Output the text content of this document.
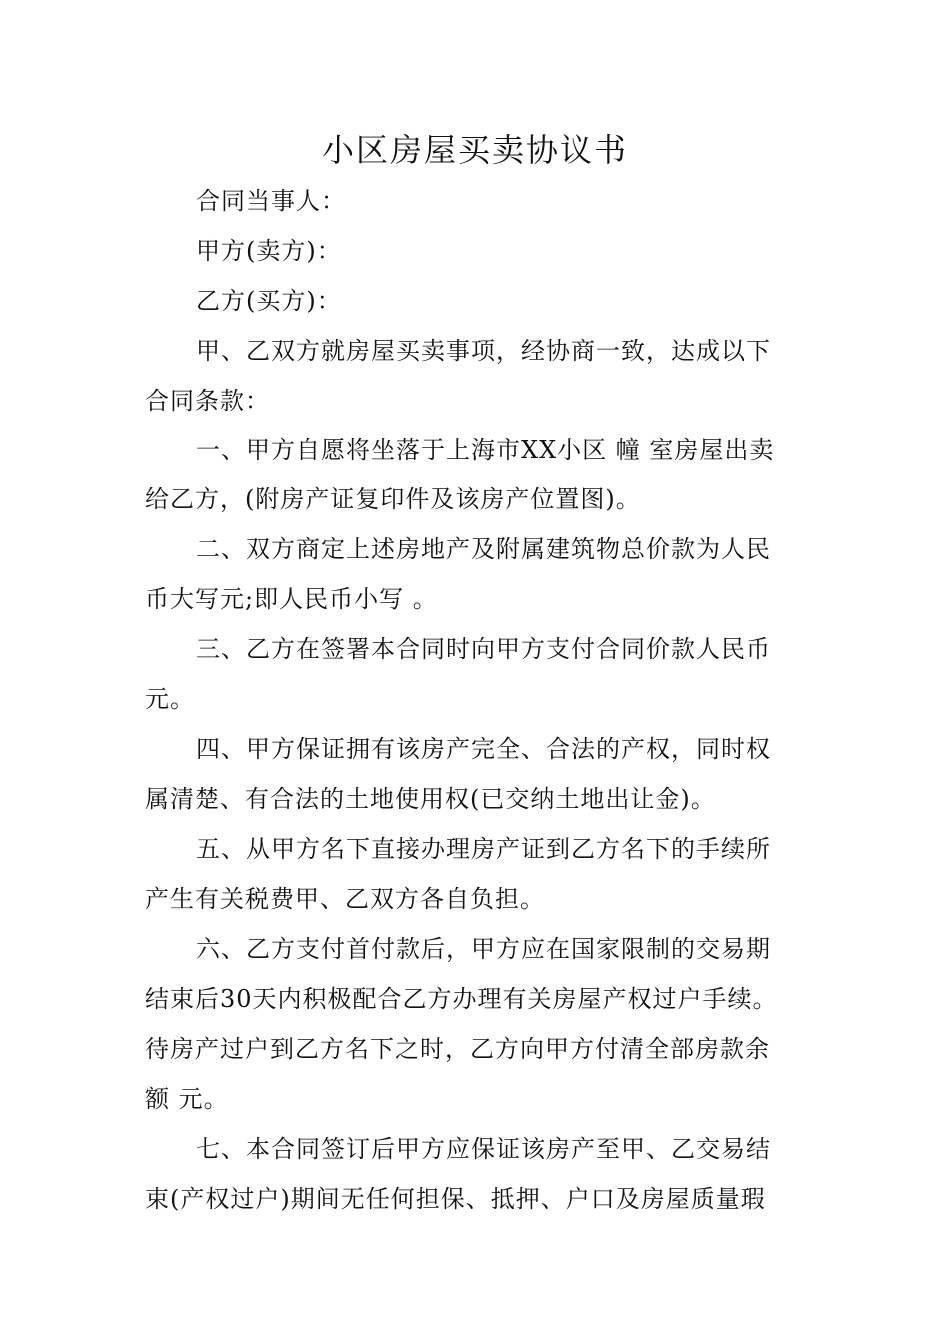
小区房屋买卖协议书
合同当事人：
甲方(卖方)：
乙方(买方)：
甲、乙双方就房屋买卖事项，经协商一致，达成以下
合同条款：
一、甲方自愿将坐落于上海市XX小区 幢 室房屋出卖
给乙方，(附房产证复印件及该房产位置图)。
二、双方商定上述房地产及附属建筑物总价款为人民
币大写元;即人民币小写 。
三、乙方在签署本合同时向甲方支付合同价款人民币
元。
四、甲方保证拥有该房产完全、合法的产权，同时权
属清楚、有合法的土地使用权(已交纳土地出让金)。
五、从甲方名下直接办理房产证到乙方名下的手续所
产生有关税费甲、乙双方各自负担。
六、乙方支付首付款后，甲方应在国家限制的交易期
结束后30天内积极配合乙方办理有关房屋产权过户手续。
待房产过户到乙方名下之时，乙方向甲方付清全部房款余
额 元。
七、本合同签订后甲方应保证该房产至甲、乙交易结
束(产权过户)期间无任何担保、抵押、户口及房屋质量瑕
